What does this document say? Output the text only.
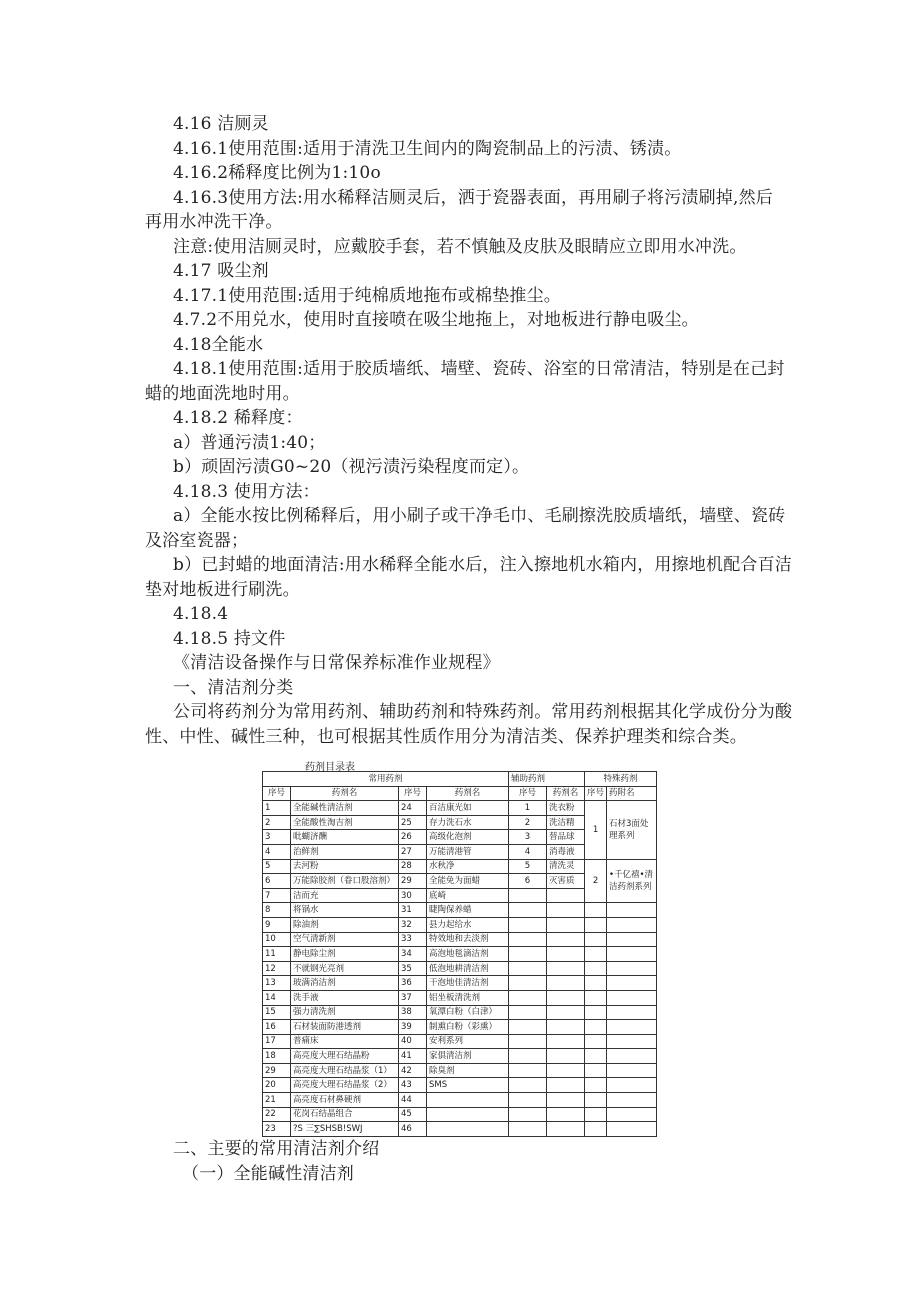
4.16 洁厕灵
4.16.1使用范围:适用于清洗卫生间内的陶瓷制品上的污渍、锈渍。
4.16.2稀释度比例为1:10o
4.16.3使用方法:用水稀释洁厕灵后，洒于瓷器表面，再用刷子将污渍刷掉,然后
再用水冲洗干净。
注意:使用洁厕灵时，应戴胶手套，若不慎触及皮肤及眼睛应立即用水冲洗。
4.17 吸尘剂
4.17.1使用范围:适用于纯棉质地拖布或棉垫推尘。
4.7.2不用兑水，使用时直接喷在吸尘地拖上，对地板进行静电吸尘。
4.18全能水
4.18.1使用范围:适用于胶质墙纸、墙壁、瓷砖、浴室的日常清洁，特别是在己封
蜡的地面洗地时用。
4.18.2 稀释度：
a）普通污渍1:40；
b）顽固污渍G0~20（视污渍污染程度而定）。
4.18.3 使用方法：
a）全能水按比例稀释后，用小刷子或干净毛巾、毛刷擦洗胶质墙纸，墙壁、瓷砖
及浴室瓷器；
b）已封蜡的地面清洁:用水稀释全能水后，注入擦地机水箱内，用擦地机配合百洁
垫对地板进行刷洗。
4.18.4
4.18.5 持文件
《清洁设备操作与日常保养标准作业规程》
一、清洁剂分类
公司将药剂分为常用药剂、辅助药剂和特殊药剂。常用药剂根据其化学成份分为酸
性、中性、碱性三种，也可根据其性质作用分为清洁类、保养护理类和综合类。
药剂目录表
常用药剂				辅助药剂		特殊药剂	
序号	药剂名	序号	药剂名	序号	药剂名	序号	药附名
1	全能碱性清洁剂	24	百洁康光如	1	洗衣粉	1	石材3面处理系列
2	全能酸性淘吉剂	25	存力洗石水	2	洗洁精		
3	吡蝴济酬	26	高级化泡剂	3	替品球		
4	治鲜剂	27	万能清港管	4	消毒液		
5	去河粉	28	水秋净	5	清洗灵	2	•千亿禧•清洁药剂系列
6	万能除胶剂（眷口股溶剂）	29	全能免为面蜡	6	灭害质		
7	洁而充	30	底崎				
8	将锅水	31	睫陶保养蜡				
9	除油剂	32	县力起给水				
10	空气清新剂	33	特效地和去淡剂				
11	静电除尘剂	34	高泡地毯滴洁剂				
12	不就钢光亮剂	35	低泡地耕清洁剂				
13	玻满消洁剂	36	干泡地佳清洁剂				
14	洗手液	37	铝坐板清洗剂				
15	强力清洗剂	38	氧潭白粉（白津）				
16	石材装面防港透剂	39	制熏白粉（彩熏）				
17	普痛床	40	安利系列				
18	高亮度大理石结晶粉	41	家俱清洁剂				
29	高亮度大理石结晶浆（1）	42	除臭剂				
20	高亮度大理石结晶浆（2）	43	SMS				
21	高亮度石材鼻硬剂	44					
22	花岗石结晶组合	45					
23	?S 三∑SHSB!SWJ	46					
二、主要的常用清洁剂介绍
（一）全能碱性清洁剂
